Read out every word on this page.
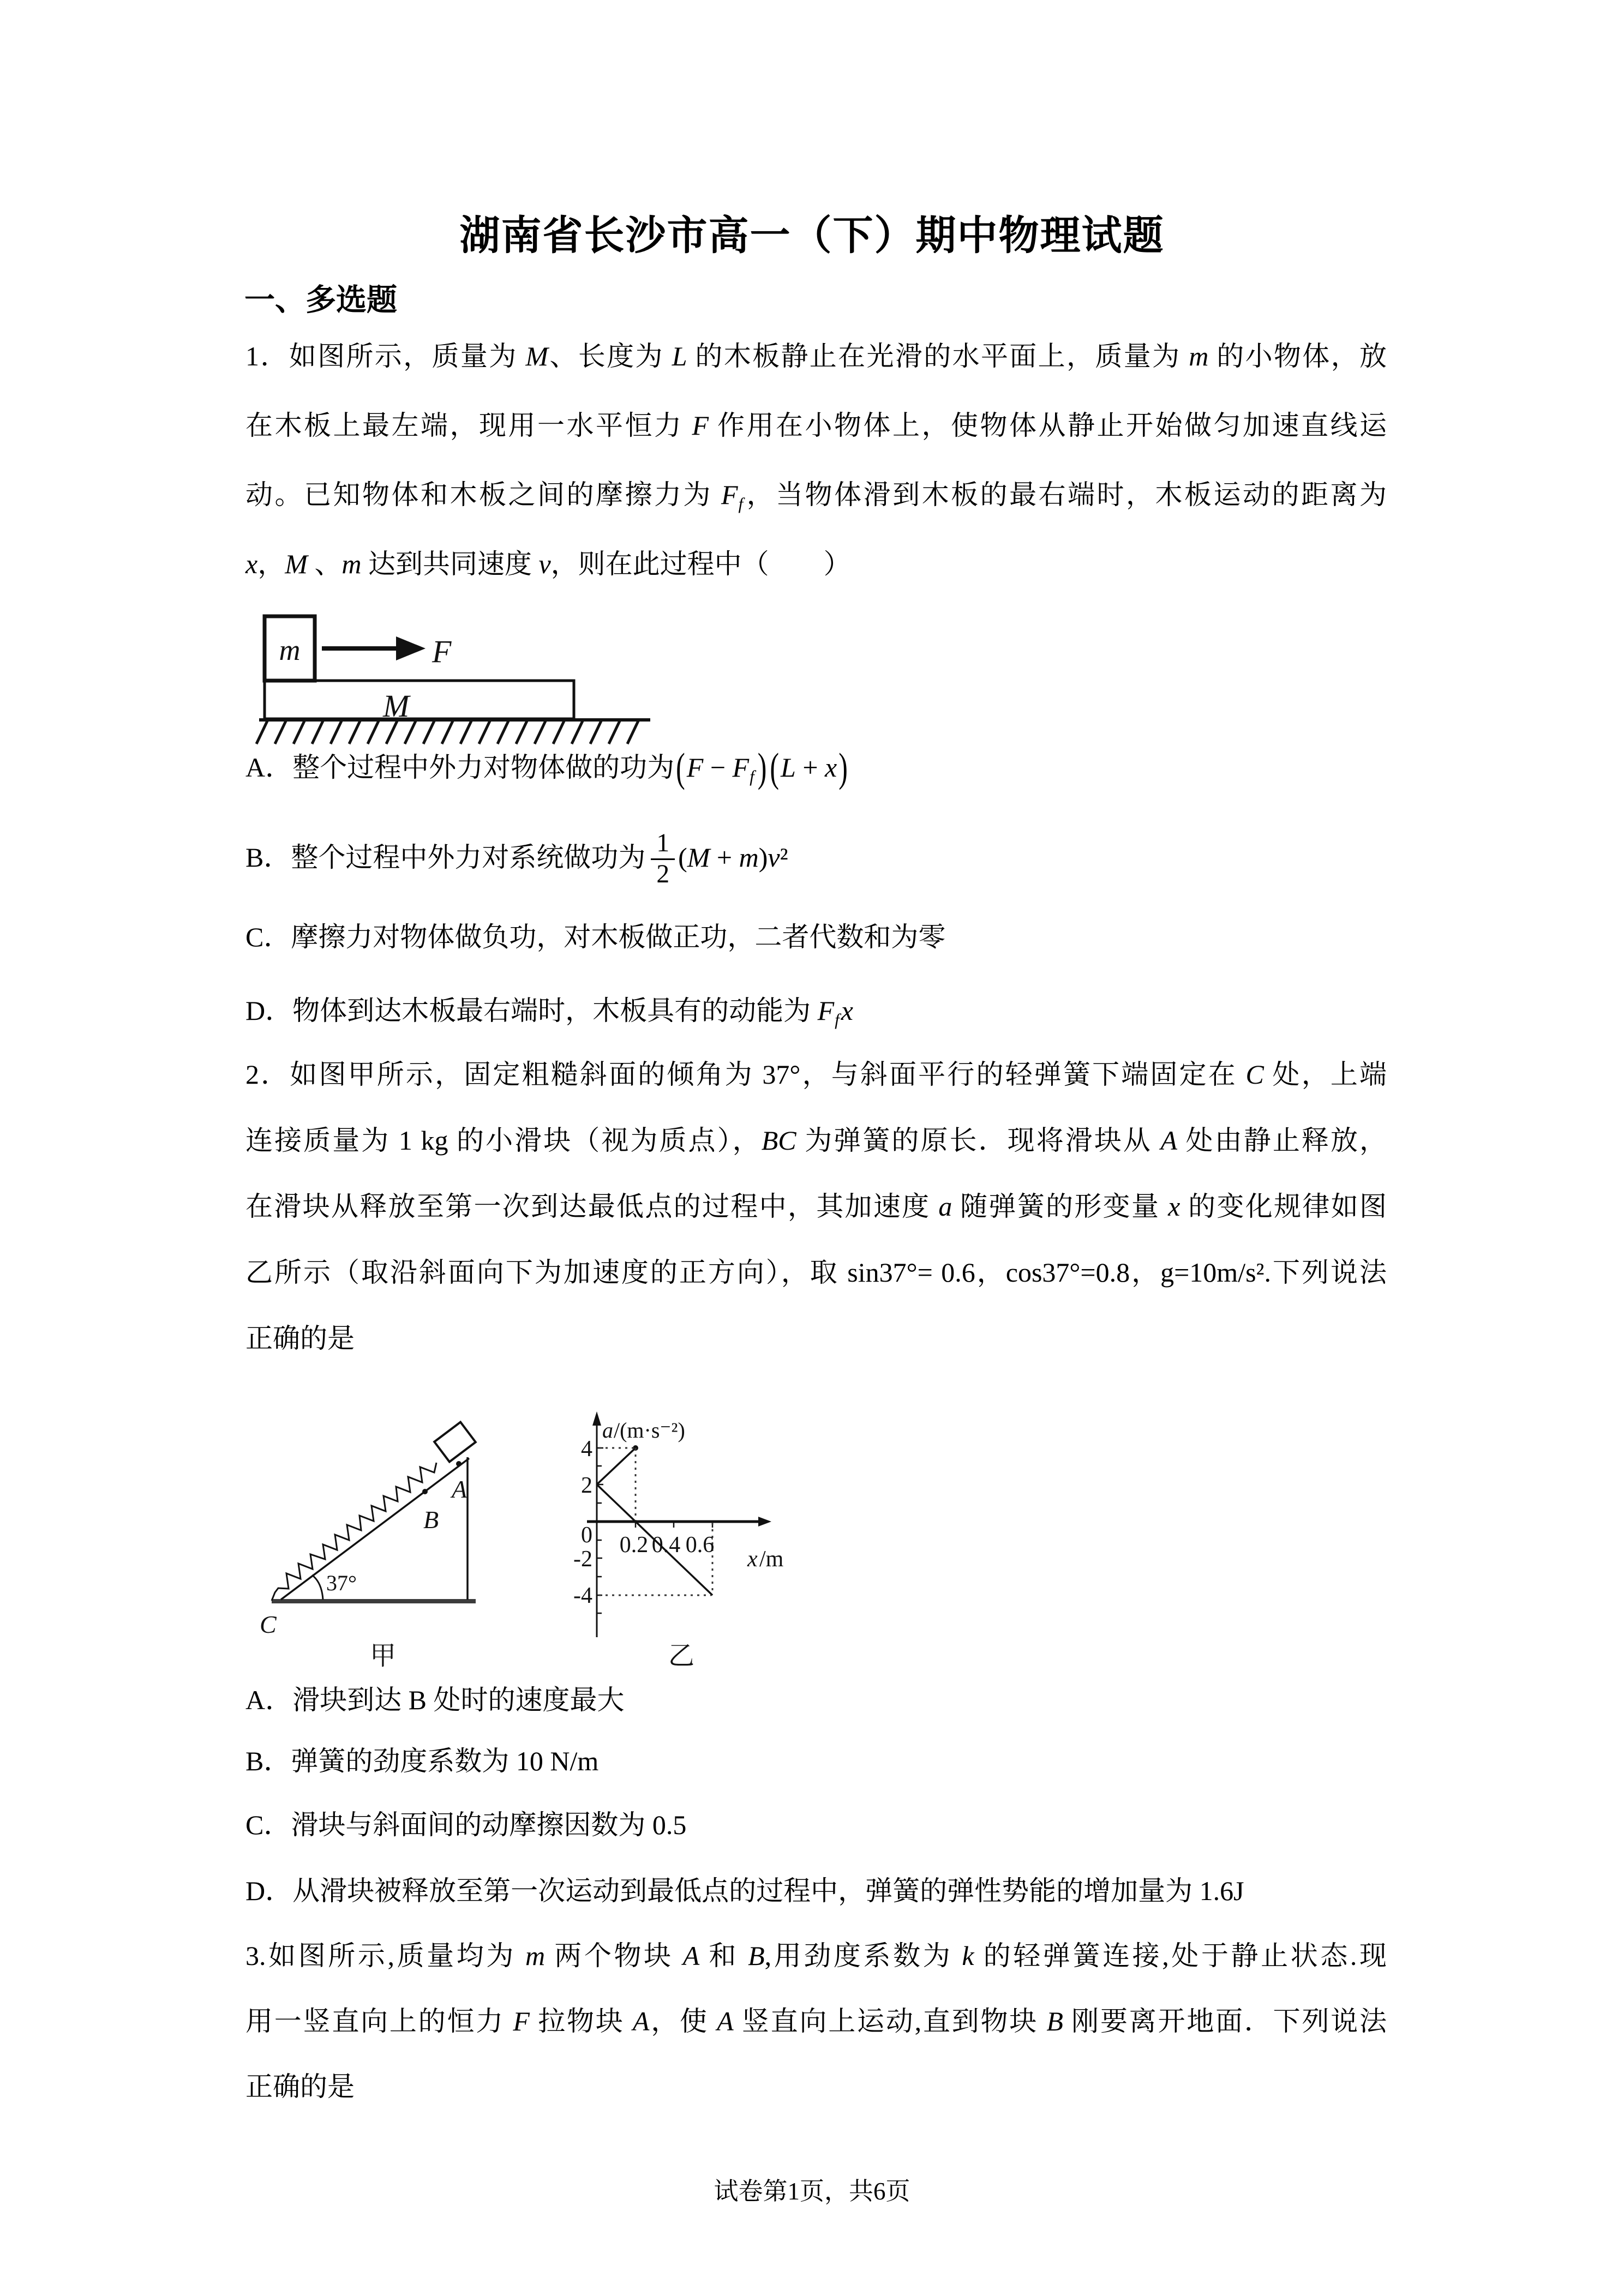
湖南省长沙市高一（下）期中物理试题
一、多选题
1．如图所示，质量为 M、长度为 L 的木板静止在光滑的水平面上，质量为 m 的小物体，放
在木板上最左端，现用一水平恒力 F 作用在小物体上，使物体从静止开始做匀加速直线运
动。已知物体和木板之间的摩擦力为 Ff，当物体滑到木板的最右端时，木板运动的距离为
x，M 、m 达到共同速度 v，则在此过程中（　　）
m	F
M
A．整个过程中外力对物体做的功为(F − Ff ) (L + x)
B．整个过程中外力对系统做功为 $\frac{1}{2} (M + m)v^2$
C．摩擦力对物体做负功，对木板做正功，二者代数和为零
D．物体到达木板最右端时，木板具有的动能为 Ffx
2．如图甲所示，固定粗糙斜面的倾角为 37°，与斜面平行的轻弹簧下端固定在 C 处，上端
连接质量为 1 kg 的小滑块（视为质点），BC 为弹簧的原长．现将滑块从 A 处由静止释放，
在滑块从释放至第一次到达最低点的过程中，其加速度 a 随弹簧的形变量 x 的变化规律如图
乙所示（取沿斜面向下为加速度的正方向），取 sin37°= 0.6，cos37°=0.8，g=10m/s².下列说法
正确的是
A
B
C
37°
甲
a /(m·s⁻²)
4
2
0
-2
-4
0.2 0.4 0.6
x /m
乙
A．滑块到达 B 处时的速度最大
B．弹簧的劲度系数为 10 N/m
C．滑块与斜面间的动摩擦因数为 0.5
D．从滑块被释放至第一次运动到最低点的过程中，弹簧的弹性势能的增加量为 1.6J
3.如图所示,质量均为 m 两个物块 A 和 B,用劲度系数为 k 的轻弹簧连接,处于静止状态.现
用一竖直向上的恒力 F 拉物块 A，使 A 竖直向上运动,直到物块 B 刚要离开地面．下列说法
正确的是
试卷第1页，共6页
